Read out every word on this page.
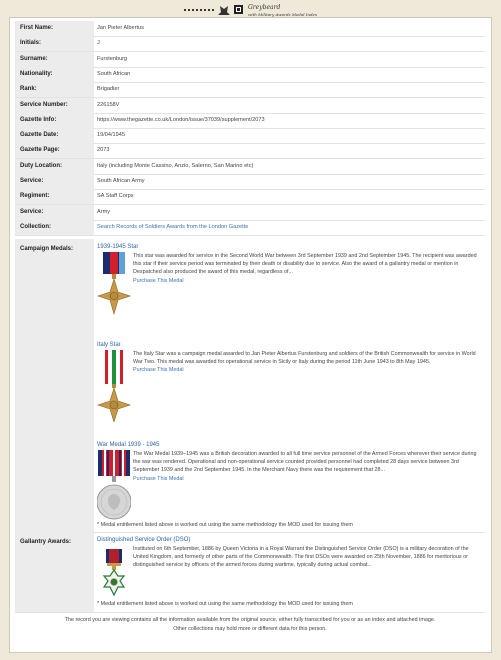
Greybeard
with Military Awards Medal Index
First Name:	Jan Pieter Albertus
Initials:	J
Surname:	Furstenburg
Nationality:	South African
Rank:	Brigadier
Service Number:	226158V
Gazette Info:	https://www.thegazette.co.uk/London/issue/37039/supplement/2073
Gazette Date:	19/04/1945
Gazette Page:	2073
Duty Location:	Italy (including Monte Cassino, Anzio, Salerno, San Marino etc)
Service:	South African Army
Regiment:	SA Staff Corps
Service:	Army
Collection:	Search Records of Soldiers Awards from the London Gazette
Campaign Medals:	1939-1945 Star
This star was awarded for service in the Second World War between 3rd September 1939 and 2nd September 1945. The recipient was awarded this star if their service period was terminated by their death or disability due to service. Also the award of a gallantry medal or mention in Despatched also produced the award of this medal, regardless of...
Purchase This Medal
Italy Star
The Italy Star was a campaign medal awarded to Jan Pieter Albertus Furstenburg and soldiers of the British Commonwealth for service in World War Two. This medal was awarded for operational service in Sicily or Italy during the period 11th June 1943 to 8th May 1945.
Purchase This Medal
War Medal 1939 - 1945
The War Medal 1939–1945 was a British decoration awarded to all full time service personnel of the Armed Forces wherever their service during the war was rendered. Operational and non-operational service counted provided personnel had completed 28 days service between 3rd September 1939 and the 2nd September 1945. In the Merchant Navy there was the requirement that 28...
Purchase This Medal
* Medal entitlement listed above is worked out using the same methodology the MOD used for issuing them
Gallantry Awards:	Distinguished Service Order (DSO)
Instituted on 6th September, 1886 by Queen Victoria in a Royal Warrant the Distinguished Service Order (DSO) is a military decoration of the United Kingdom, and formerly of other parts of the Commonwealth. The first DSOs were awarded on 25th November, 1886 for meritorious or distinguished service by officers of the armed forces during wartime, typically during actual combat...
* Medal entitlement listed above is worked out using the same methodology the MOD used for issuing them
The record you are viewing contains all the information available from the original source, either fully transcribed for you or as an index and attached image.
Other collections may hold more or different data for this person.
